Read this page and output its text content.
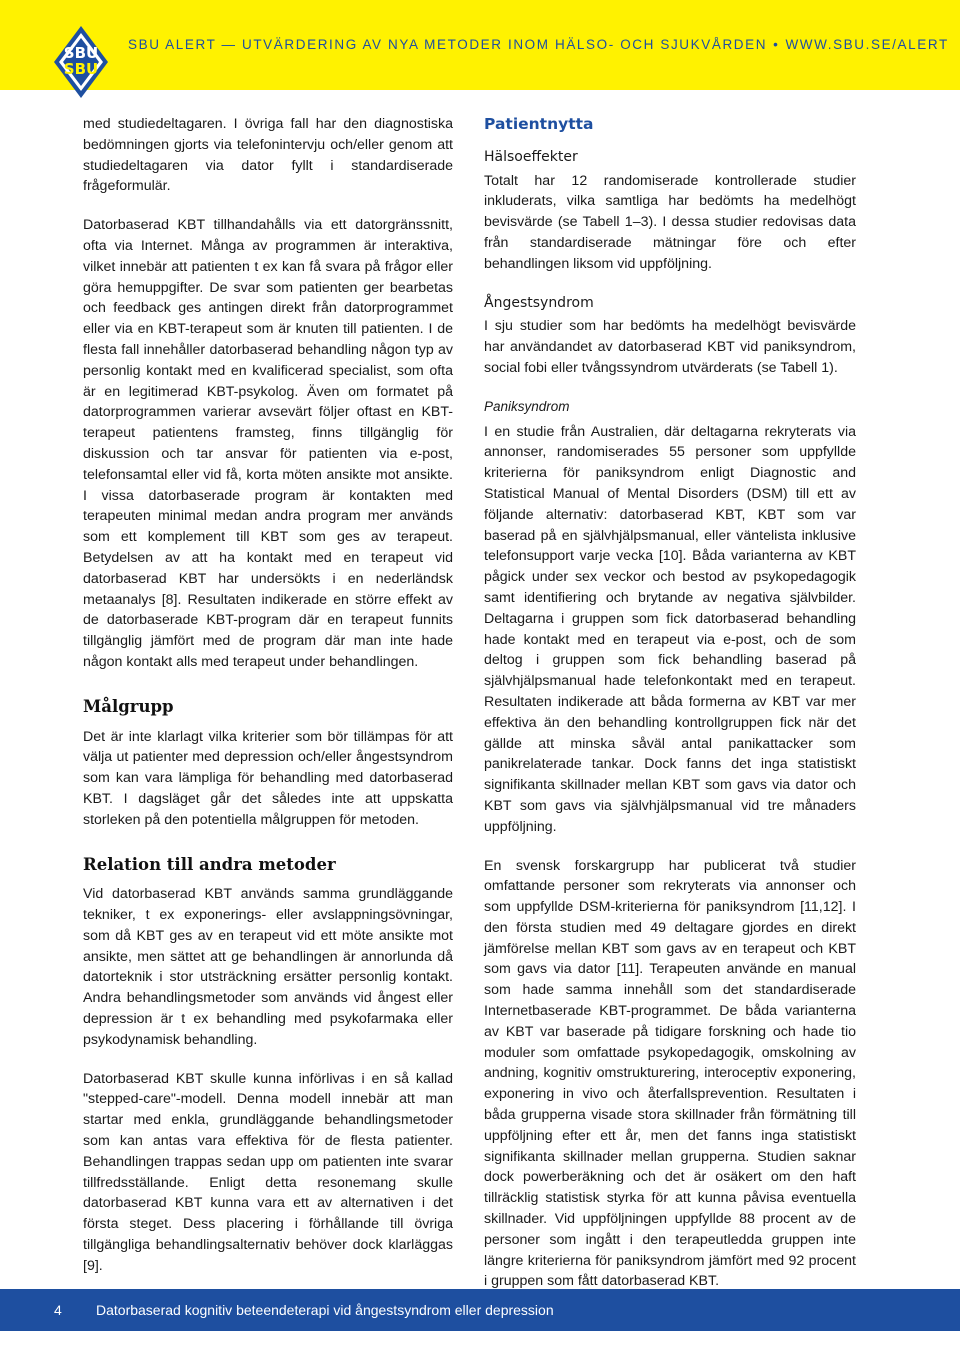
SBU
SBU
SBU ALERT — UTVÄRDERING AV NYA METODER INOM HÄLSO- OCH SJUKVÅRDEN • WWW.SBU.SE/ALERT

med studiedeltagaren. I övriga fall har den diagnostiska bedömningen gjorts via telefonintervju och/eller genom att studiedeltagaren via dator fyllt i standardiserade frågeformulär.

Datorbaserad KBT tillhandahålls via ett datorgränssnitt, ofta via Internet. Många av programmen är interaktiva, vilket innebär att patienten t ex kan få svara på frågor eller göra hemuppgifter. De svar som patienten ger bearbetas och feedback ges antingen direkt från datorprogrammet eller via en KBT-terapeut som är knuten till patienten. I de flesta fall innehåller datorbaserad behandling någon typ av personlig kontakt med en kvalificerad specialist, som ofta är en legitimerad KBT-psykolog. Även om formatet på datorprogrammen varierar avsevärt följer oftast en KBT-terapeut patientens framsteg, finns tillgänglig för diskussion och tar ansvar för patienten via e-post, telefonsamtal eller vid få, korta möten ansikte mot ansikte. I vissa datorbaserade program är kontakten med terapeuten minimal medan andra program mer används som ett komplement till KBT som ges av terapeut. Betydelsen av att ha kontakt med en terapeut vid datorbaserad KBT har undersökts i en nederländsk metaanalys [8]. Resultaten indikerade en större effekt av de datorbaserade KBT-program där en terapeut funnits tillgänglig jämfört med de program där man inte hade någon kontakt alls med terapeut under behandlingen.

Målgrupp

Det är inte klarlagt vilka kriterier som bör tillämpas för att välja ut patienter med depression och/eller ångestsyndrom som kan vara lämpliga för behandling med datorbaserad KBT. I dagsläget går det således inte att uppskatta storleken på den potentiella målgruppen för metoden.

Relation till andra metoder

Vid datorbaserad KBT används samma grundläggande tekniker, t ex exponerings- eller avslappningsövningar, som då KBT ges av en terapeut vid ett möte ansikte mot ansikte, men sättet att ge behandlingen är annorlunda då datorteknik i stor utsträckning ersätter personlig kontakt. Andra behandlingsmetoder som används vid ångest eller depression är t ex behandling med psykofarmaka eller psykodynamisk behandling.

Datorbaserad KBT skulle kunna införlivas i en så kallad "stepped-care"-modell. Denna modell innebär att man startar med enkla, grundläggande behandlingsmetoder som kan antas vara effektiva för de flesta patienter. Behandlingen trappas sedan upp om patienten inte svarar tillfredsställande. Enligt detta resonemang skulle datorbaserad KBT kunna vara ett av alternativen i det första steget. Dess placering i förhållande till övriga tillgängliga behandlingsalternativ behöver dock klarläggas [9].

Patientnytta
Hälsoeffekter

Totalt har 12 randomiserade kontrollerade studier inkluderats, vilka samtliga har bedömts ha medelhögt bevisvärde (se Tabell 1–3). I dessa studier redovisas data från standardiserade mätningar före och efter behandlingen liksom vid uppföljning.

Ångestsyndrom

I sju studier som har bedömts ha medelhögt bevisvärde har användandet av datorbaserad KBT vid paniksyndrom, social fobi eller tvångssyndrom utvärderats (se Tabell 1).

Paniksyndrom

I en studie från Australien, där deltagarna rekryterats via annonser, randomiserades 55 personer som uppfyllde kriterierna för paniksyndrom enligt Diagnostic and Statistical Manual of Mental Disorders (DSM) till ett av följande alternativ: datorbaserad KBT, KBT som var baserad på en självhjälpsmanual, eller väntelista inklusive telefonsupport varje vecka [10]. Båda varianterna av KBT pågick under sex veckor och bestod av psykopedagogik samt identifiering och brytande av negativa självbilder. Deltagarna i gruppen som fick datorbaserad behandling hade kontakt med en terapeut via e-post, och de som deltog i gruppen som fick behandling baserad på självhjälpsmanual hade telefonkontakt med en terapeut. Resultaten indikerade att båda formerna av KBT var mer effektiva än den behandling kontrollgruppen fick när det gällde att minska såväl antal panikattacker som panikrelaterade tankar. Dock fanns det inga statistiskt signifikanta skillnader mellan KBT som gavs via dator och KBT som gavs via självhjälpsmanual vid tre månaders uppföljning.

En svensk forskargrupp har publicerat två studier omfattande personer som rekryterats via annonser och som uppfyllde DSM-kriterierna för paniksyndrom [11,12]. I den första studien med 49 deltagare gjordes en direkt jämförelse mellan KBT som gavs av en terapeut och KBT som gavs via dator [11]. Terapeuten använde en manual som hade samma innehåll som det standardiserade Internetbaserade KBT-programmet. De båda varianterna av KBT var baserade på tidigare forskning och hade tio moduler som omfattade psykopedagogik, omskolning av andning, kognitiv omstrukturering, interoceptiv exponering, exponering in vivo och återfallsprevention. Resultaten i båda grupperna visade stora skillnader från förmätning till uppföljning efter ett år, men det fanns inga statistiskt signifikanta skillnader mellan grupperna. Studien saknar dock powerberäkning och det är osäkert om den haft tillräcklig statistisk styrka för att kunna påvisa eventuella skillnader. Vid uppföljningen uppfyllde 88 procent av de personer som ingått i den terapeutledda gruppen inte längre kriterierna för paniksyndrom jämfört med 92 procent i gruppen som fått datorbaserad KBT.

4 Datorbaserad kognitiv beteendeterapi vid ångestsyndrom eller depression
